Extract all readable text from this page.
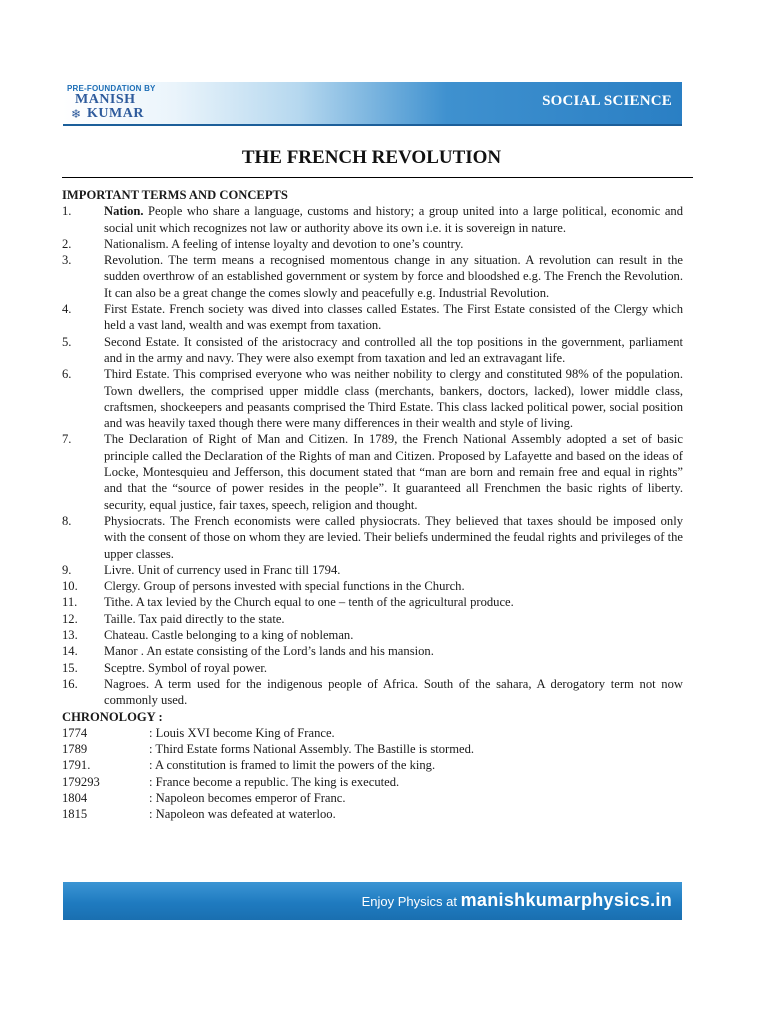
PRE-FOUNDATION BY
MANISH
❄ KUMAR
SOCIAL SCIENCE
THE FRENCH REVOLUTION
IMPORTANT TERMS AND CONCEPTS
1.	Nation. People who share a language, customs and history; a group united into a large political, economic and social unit which recognizes not law or authority above its own i.e. it is sovereign in nature.
2.	Nationalism. A feeling of intense loyalty and devotion to one’s country.
3.	Revolution. The term means a recognised momentous change in any situation. A revolution can result in the sudden overthrow of an established government or system by force and bloodshed e.g. The French the Revolution. It can also be a great change the comes slowly and peacefully e.g. Industrial Revolution.
4.	First Estate. French society was dived into classes called Estates. The First Estate consisted of the Clergy which held a vast land, wealth and was exempt from taxation.
5.	Second Estate. It consisted of the aristocracy and controlled all the top positions in the government, parliament and in the army and navy. They were also exempt from taxation and led an extravagant life.
6.	Third Estate. This comprised everyone who was neither nobility to clergy and constituted 98% of the population. Town dwellers, the comprised upper middle class (merchants, bankers, doctors, lacked), lower middle class, craftsmen, shockeepers and peasants comprised the Third Estate. This class lacked political power, social position and was heavily taxed though there were many differences in their wealth and style of living.
7.	The Declaration of Right of Man and Citizen. In 1789, the French National Assembly adopted a set of basic principle called the Declaration of the Rights of man and Citizen. Proposed by Lafayette and based on the ideas of Locke, Montesquieu and Jefferson, this document stated that “man are born and remain free and equal in rights” and that the “source of power resides in the people”. It guaranteed all Frenchmen the basic rights of liberty. security, equal justice, fair taxes, speech, religion and thought.
8.	Physiocrats. The French economists were called physiocrats. They believed that taxes should be imposed only with the consent of those on whom they are levied. Their beliefs undermined the feudal rights and privileges of the upper classes.
9.	Livre. Unit of currency used in Franc till 1794.
10.	Clergy. Group of persons invested with special functions in the Church.
11.	Tithe. A tax levied by the Church equal to one – tenth of the agricultural produce.
12.	Taille. Tax paid directly to the state.
13.	Chateau. Castle belonging to a king of nobleman.
14.	Manor . An estate consisting of the Lord’s lands and his mansion.
15.	Sceptre. Symbol of royal power.
16.	Nagroes. A term used for the indigenous people of Africa. South of the sahara, A derogatory term not now commonly used.
CHRONOLOGY :
1774	: Louis XVI become King of France.
1789	: Third Estate forms National Assembly. The Bastille is stormed.
1791.	: A constitution is framed to limit the powers of the king.
179293	: France become a republic. The king is executed.
1804	: Napoleon becomes emperor of Franc.
1815	: Napoleon was defeated at waterloo.
Enjoy Physics at manishkumarphysics.in
